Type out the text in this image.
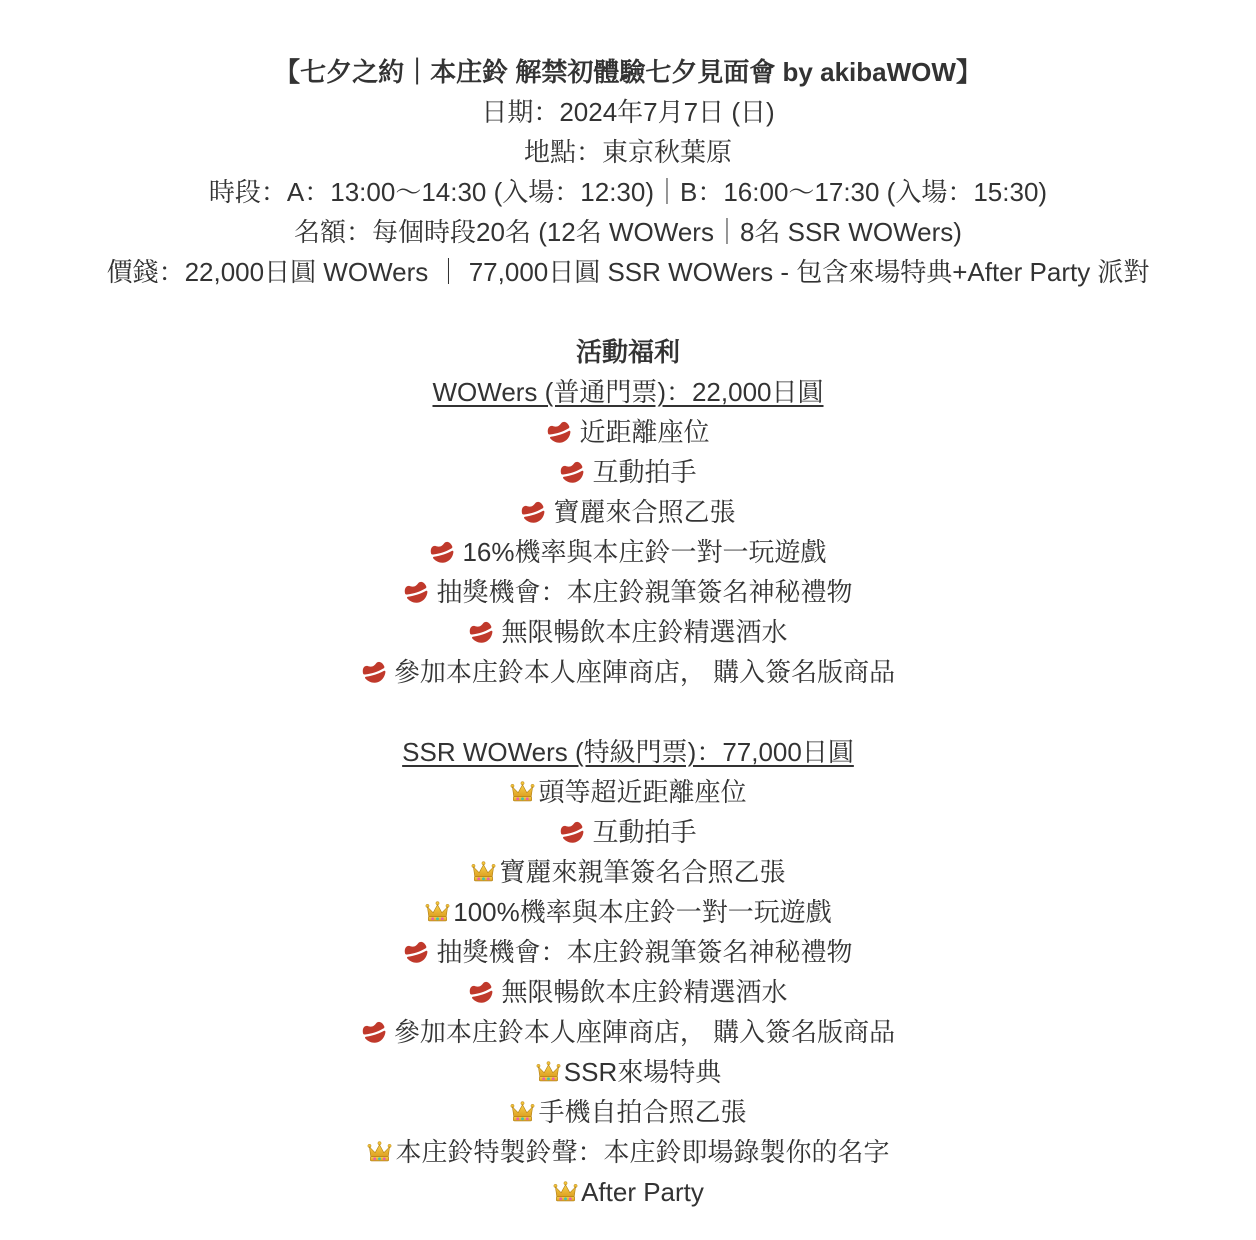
【七夕之約｜本庄鈴 解禁初體驗七夕見面會 by akibaWOW】
日期：2024年7月7日 (日)
地點：東京秋葉原
時段：A：13:00〜14:30 (入場：12:30)｜B：16:00〜17:30 (入場：15:30)
名額：每個時段20名 (12名 WOWers｜8名 SSR WOWers)
價錢：22,000日圓 WOWers ｜ 77,000日圓 SSR WOWers - 包含來場特典+After Party 派對
活動福利
WOWers (普通門票)：22,000日圓
近距離座位
互動拍手
寶麗來合照乙張
16%機率與本庄鈴一對一玩遊戲
抽獎機會：本庄鈴親筆簽名神秘禮物
無限暢飲本庄鈴精選酒水
參加本庄鈴本人座陣商店， 購入簽名版商品
SSR WOWers (特級門票)：77,000日圓
頭等超近距離座位
互動拍手
寶麗來親筆簽名合照乙張
100%機率與本庄鈴一對一玩遊戲
抽獎機會：本庄鈴親筆簽名神秘禮物
無限暢飲本庄鈴精選酒水
參加本庄鈴本人座陣商店， 購入簽名版商品
SSR來場特典
手機自拍合照乙張
本庄鈴特製鈴聲：本庄鈴即場錄製你的名字
After Party
